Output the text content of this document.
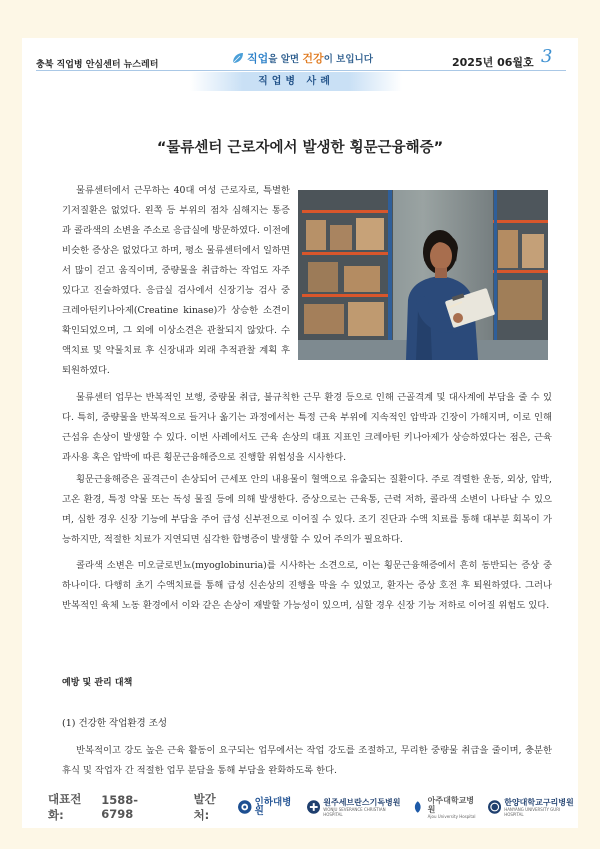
충북 직업병 안심센터 뉴스레터	직업을 알면 건강이 보입니다	2025년 06월호 3
직업병 사례
“물류센터 근로자에서 발생한 횡문근융해증”

물류센터에서 근무하는 40대 여성 근로자로, 특별한 기저질환은 없었다. 왼쪽 등 부위의 점차 심해지는 통증과 콜라색의 소변을 주소로 응급실에 방문하였다. 이전에 비슷한 증상은 없었다고 하며, 평소 물류센터에서 일하면서 많이 걷고 움직이며, 중량물을 취급하는 작업도 자주 있다고 진술하였다. 응급실 검사에서 신장기능 검사 중 크레아틴키나아제(Creatine kinase)가 상승한 소견이 확인되었으며, 그 외에 이상소견은 관찰되지 않았다. 수액치료 및 약물치료 후 신장내과 외래 추적관찰 계획 후 퇴원하였다.

물류센터 업무는 반복적인 보행, 중량물 취급, 불규칙한 근무 환경 등으로 인해 근골격계 및 대사계에 부담을 줄 수 있다. 특히, 중량물을 반복적으로 들거나 옮기는 과정에서는 특정 근육 부위에 지속적인 압박과 긴장이 가해지며, 이로 인해 근섬유 손상이 발생할 수 있다. 이번 사례에서도 근육 손상의 대표 지표인 크레아틴 키나아제가 상승하였다는 점은, 근육 과사용 혹은 압박에 따른 횡문근융해증으로 진행할 위험성을 시사한다.

횡문근융해증은 골격근이 손상되어 근세포 안의 내용물이 혈액으로 유출되는 질환이다. 주로 격렬한 운동, 외상, 압박, 고온 환경, 특정 약물 또는 독성 물질 등에 의해 발생한다. 증상으로는 근육통, 근력 저하, 콜라색 소변이 나타날 수 있으며, 심한 경우 신장 기능에 부담을 주어 급성 신부전으로 이어질 수 있다. 조기 진단과 수액 치료를 통해 대부분 회복이 가능하지만, 적절한 치료가 지연되면 심각한 합병증이 발생할 수 있어 주의가 필요하다.

콜라색 소변은 미오글로빈뇨(myoglobinuria)를 시사하는 소견으로, 이는 횡문근융해증에서 흔히 동반되는 증상 중 하나이다. 다행히 초기 수액치료를 통해 급성 신손상의 진행을 막을 수 있었고, 환자는 증상 호전 후 퇴원하였다. 그러나 반복적인 육체 노동 환경에서 이와 같은 손상이 재발할 가능성이 있으며, 심할 경우 신장 기능 저하로 이어질 위험도 있다.

예방 및 관리 대책
(1) 건강한 작업환경 조성

반복적이고 강도 높은 근육 활동이 요구되는 업무에서는 작업 강도를 조절하고, 무리한 중량물 취급을 줄이며, 충분한 휴식 및 작업자 간 적절한 업무 분담을 통해 부담을 완화하도록 한다.

대표전화:
1588-6798
발간처:
인하대병원
원주세브란스기독병원
WONJU SEVERANCE CHRISTIAN HOSPITAL
아주대학교병원
Ajou University Hospital
한양대학교구리병원
HANYANG UNIVERSITY GURI HOSPITAL
